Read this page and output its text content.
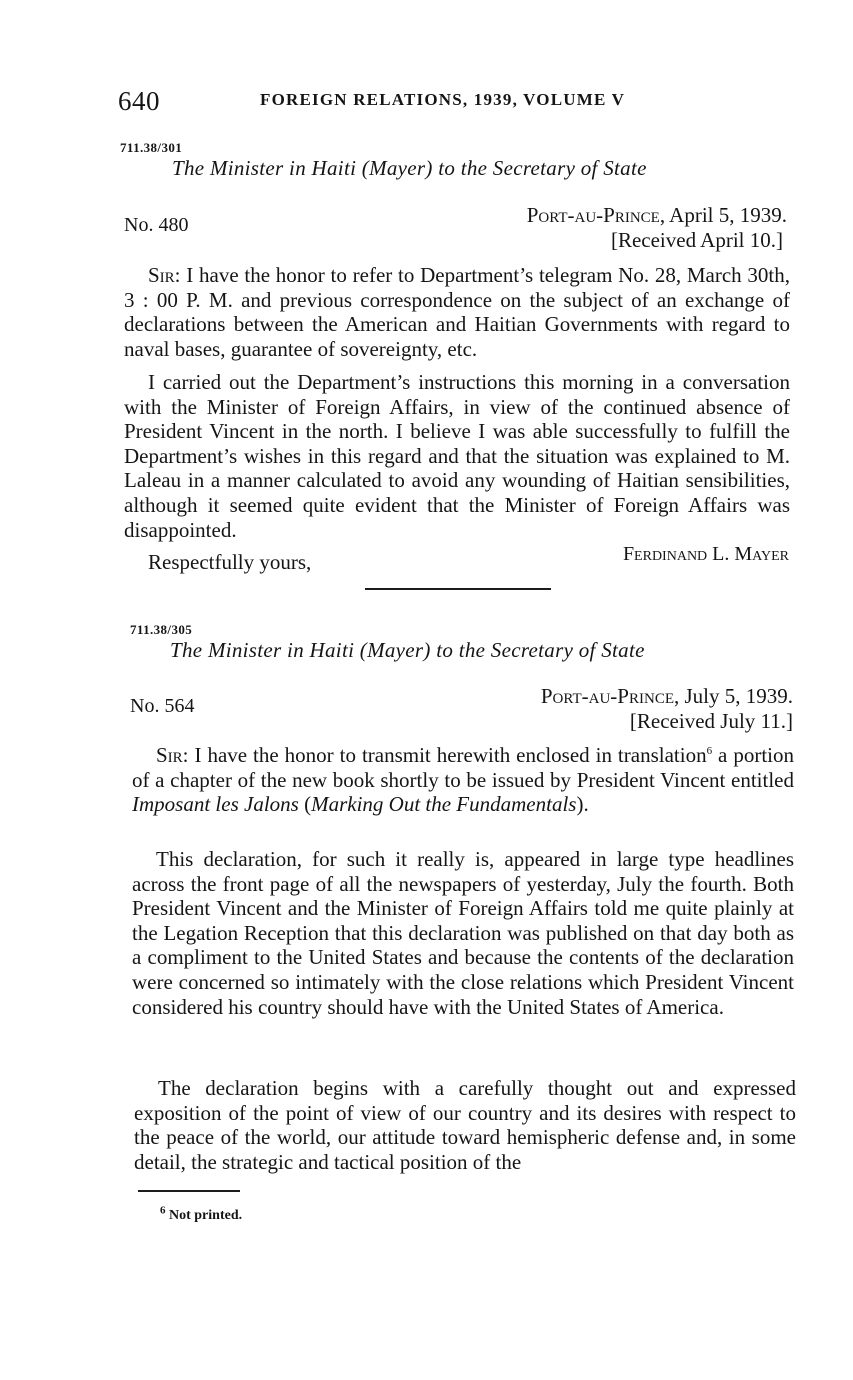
640	FOREIGN RELATIONS, 1939, VOLUME V
711.38/301
The Minister in Haiti (Mayer) to the Secretary of State
No. 480	Port-au-Prince, April 5, 1939.
[Received April 10.]

Sir: I have the honor to refer to Department’s telegram No. 28, March 30th, 3 : 00 P. M. and previous correspondence on the subject of an exchange of declarations between the American and Haitian Governments with regard to naval bases, guarantee of sovereignty, etc.

I carried out the Department’s instructions this morning in a conversation with the Minister of Foreign Affairs, in view of the continued absence of President Vincent in the north. I believe I was able successfully to fulfill the Department’s wishes in this regard and that the situation was explained to M. Laleau in a manner calculated to avoid any wounding of Haitian sensibilities, although it seemed quite evident that the Minister of Foreign Affairs was disappointed.

Respectfully yours,	Ferdinand L. Mayer
711.38/305
The Minister in Haiti (Mayer) to the Secretary of State
No. 564	Port-au-Prince, July 5, 1939.
[Received July 11.]

Sir: I have the honor to transmit herewith enclosed in translation$^6$ a portion of a chapter of the new book shortly to be issued by President Vincent entitled Imposant les Jalons (Marking Out the Fundamentals).

This declaration, for such it really is, appeared in large type headlines across the front page of all the newspapers of yesterday, July the fourth. Both President Vincent and the Minister of Foreign Affairs told me quite plainly at the Legation Reception that this declaration was published on that day both as a compliment to the United States and because the contents of the declaration were concerned so intimately with the close relations which President Vincent considered his country should have with the United States of America.

The declaration begins with a carefully thought out and expressed exposition of the point of view of our country and its desires with respect to the peace of the world, our attitude toward hemispheric defense and, in some detail, the strategic and tactical position of the

$^6$ Not printed.
